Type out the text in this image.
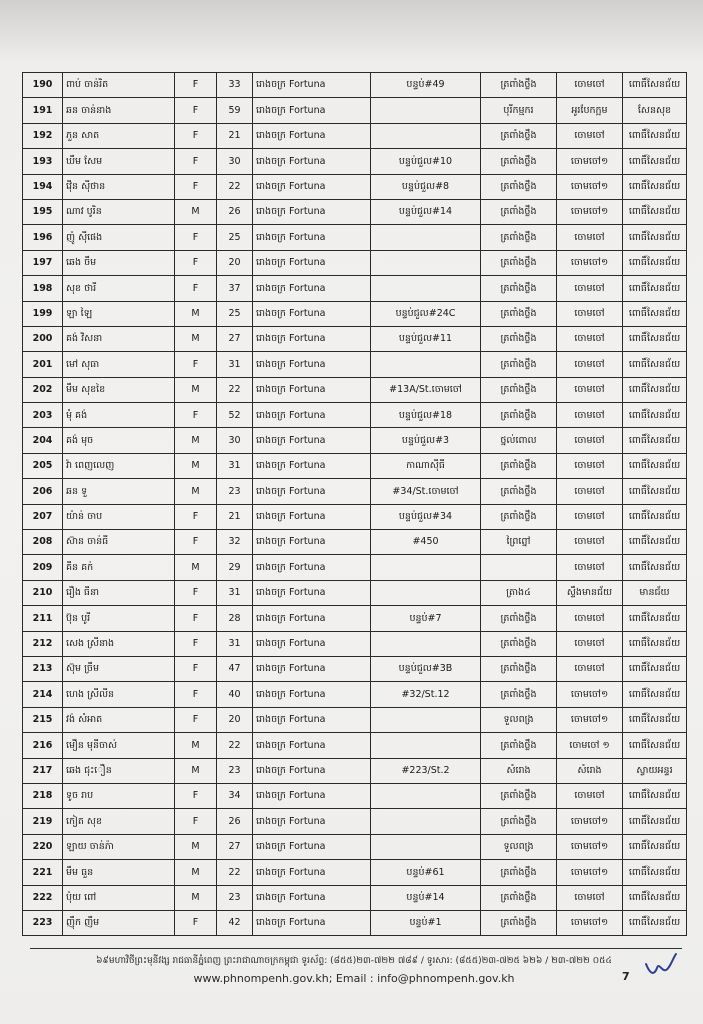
190	ពាប់ ចាន់រិត	F	33	រោងចក្រ Fortuna	បន្ទប់#49	ត្រពាំងថ្លឹង	ចោមចៅ	ពោធិ៍សែនជ័យ
191	ឆន ចាន់នាង	F	59	រោងចក្រ Fortuna		បុរីកម្មករ	អូរបែកក្អម	សែនសុខ
192	ភួន សាត	F	21	រោងចក្រ Fortuna		ត្រពាំងថ្លឹង	ចោមចៅ	ពោធិ៍សែនជ័យ
193	ឃឹម សែម	F	30	រោងចក្រ Fortuna	បន្ទប់ជួល#10	ត្រពាំងថ្លឹង	ចោមចៅ១	ពោធិ៍សែនជ័យ
194	វ៉ើន ស៊ីថាន	F	22	រោងចក្រ Fortuna	បន្ទប់ជួល#8	ត្រពាំងថ្លឹង	ចោមចៅ១	ពោធិ៍សែនជ័យ
195	ណាវ បូរិន	M	26	រោងចក្រ Fortuna	បន្ទប់ជួល#14	ត្រពាំងថ្លឹង	ចោមចៅ១	ពោធិ៍សែនជ័យ
196	ញ៉ូ ស៊ីផេង	F	25	រោងចក្រ Fortuna		ត្រពាំងថ្លឹង	ចោមចៅ	ពោធិ៍សែនជ័យ
197	ឆេង ចឹម	F	20	រោងចក្រ Fortuna		ត្រពាំងថ្លឹង	ចោមចៅ១	ពោធិ៍សែនជ័យ
198	សុខ ថារី	F	37	រោងចក្រ Fortuna		ត្រពាំងថ្លឹង	ចោមចៅ	ពោធិ៍សែនជ័យ
199	ឡា ឡៃ	M	25	រោងចក្រ Fortuna	បន្ទប់ជួល#24C	ត្រពាំងថ្លឹង	ចោមចៅ	ពោធិ៍សែនជ័យ
200	គង់ វិសនា	M	27	រោងចក្រ Fortuna	បន្ទប់ជួល#11	ត្រពាំងថ្លឹង	ចោមចៅ	ពោធិ៍សែនជ័យ
201	មៅ សុធា	F	31	រោងចក្រ Fortuna		ត្រពាំងថ្លឹង	ចោមចៅ	ពោធិ៍សែនជ័យ
202	មឹម សុខខៃ	M	22	រោងចក្រ Fortuna	#13A/St.ចោមចៅ	ត្រពាំងថ្លឹង	ចោមចៅ	ពោធិ៍សែនជ័យ
203	មុំ គង់	F	52	រោងចក្រ Fortuna	បន្ទប់ជួល#18	ត្រពាំងថ្លឹង	ចោមចៅ	ពោធិ៍សែនជ័យ
204	គង់ មុច	M	30	រោងចក្រ Fortuna	បន្ទប់ជួល#3	ថ្នល់ពោល	ចោមចៅ	ពោធិ៍សែនជ័យ
205	វ៉ា ពេញលេញ	M	31	រោងចក្រ Fortuna	កាណាស៊ីធី	ត្រពាំងថ្លឹង	ចោមចៅ	ពោធិ៍សែនជ័យ
206	ឆន ទួ	M	23	រោងចក្រ Fortuna	#34/St.ចោមចៅ	ត្រពាំងថ្លឹង	ចោមចៅ	ពោធិ៍សែនជ័យ
207	យ៉ាន់ ចាប	F	21	រោងចក្រ Fortuna	បន្ទប់ជួល#34	ត្រពាំងថ្លឹង	ចោមចៅ	ពោធិ៍សែនជ័យ
208	ស៊ាន ចាន់ធី	F	32	រោងចក្រ Fortuna	#450	ព្រៃព្នៅ	ចោមចៅ	ពោធិ៍សែនជ័យ
209	គីន គក់	M	29	រោងចក្រ Fortuna			ចោមចៅ	ពោធិ៍សែនជ័យ
210	រឿង ធីនា	F	31	រោងចក្រ Fortuna		ត្រាង៤	ស្ទឹងមានជ័យ	មានជ័យ
211	ប៊ុន បូរី	F	28	រោងចក្រ Fortuna	បន្ទប់#7	ត្រពាំងថ្លឹង	ចោមចៅ	ពោធិ៍សែនជ័យ
212	សេង ស្រីនាង	F	31	រោងចក្រ Fortuna		ត្រពាំងថ្លឹង	ចោមចៅ	ពោធិ៍សែនជ័យ
213	ស៊ុម ច្រឹម	F	47	រោងចក្រ Fortuna	បន្ទប់ជួល#3B	ត្រពាំងថ្លឹង	ចោមចៅ	ពោធិ៍សែនជ័យ
214	ហេង ស្រីលីន	F	40	រោងចក្រ Fortuna	#32/St.12	ត្រពាំងថ្លឹង	ចោមចៅ១	ពោធិ៍សែនជ័យ
215	វង់ សំអាត	F	20	រោងចក្រ Fortuna		ទួលពង្រ	ចោមចៅ១	ពោធិ៍សែនជ័យ
216	មឿន មុនីចាស់	M	22	រោងចក្រ Fortuna		ត្រពាំងថ្លឹង	ចោមចៅ ១	ពោធិ៍សែនជ័យ
217	ឆេង ជុះឿន	M	23	រោងចក្រ Fortuna	#223/St.2	សំរោង	សំរោង	ស្វាយអន្ទរ
218	ទូច រាប	F	34	រោងចក្រ Fortuna		ត្រពាំងថ្លឹង	ចោមចៅ	ពោធិ៍សែនជ័យ
219	កៀត សុខ	F	26	រោងចក្រ Fortuna		ត្រពាំងថ្លឹង	ចោមចៅ១	ពោធិ៍សែនជ័យ
220	ឡាយ ចាន់ភ៉ា	M	27	រោងចក្រ Fortuna		ទួលពង្រ	ចោមចៅ១	ពោធិ៍សែនជ័យ
221	មឹម ធួន	M	22	រោងចក្រ Fortuna	បន្ទប់#61	ត្រពាំងថ្លឹង	ចោមចៅ១	ពោធិ៍សែនជ័យ
222	ប៉ុយ ពៅ	M	23	រោងចក្រ Fortuna	បន្ទប់#14	ត្រពាំងថ្លឹង	ចោមចៅ	ពោធិ៍សែនជ័យ
223	ញ៉ឹក ញឹម	F	42	រោងចក្រ Fortuna	បន្ទប់#1	ត្រពាំងថ្លឹង	ចោមចៅ១	ពោធិ៍សែនជ័យ
៦៩មហាវិថីព្រះមុនីវង្ស រាជធានីភ្នំពេញ ព្រះរាជាណាចក្រកម្ពុជា ទូរស័ព្ទ: (៨៥៥)២៣-៧២២ ៧៨៩ / ទូរសារ: (៨៥៥)២៣-៧២៥ ៦២៦ / ២៣-៧២២ ០៥៤
www.phnompenh.gov.kh; Email : info@phnompenh.gov.kh	7
